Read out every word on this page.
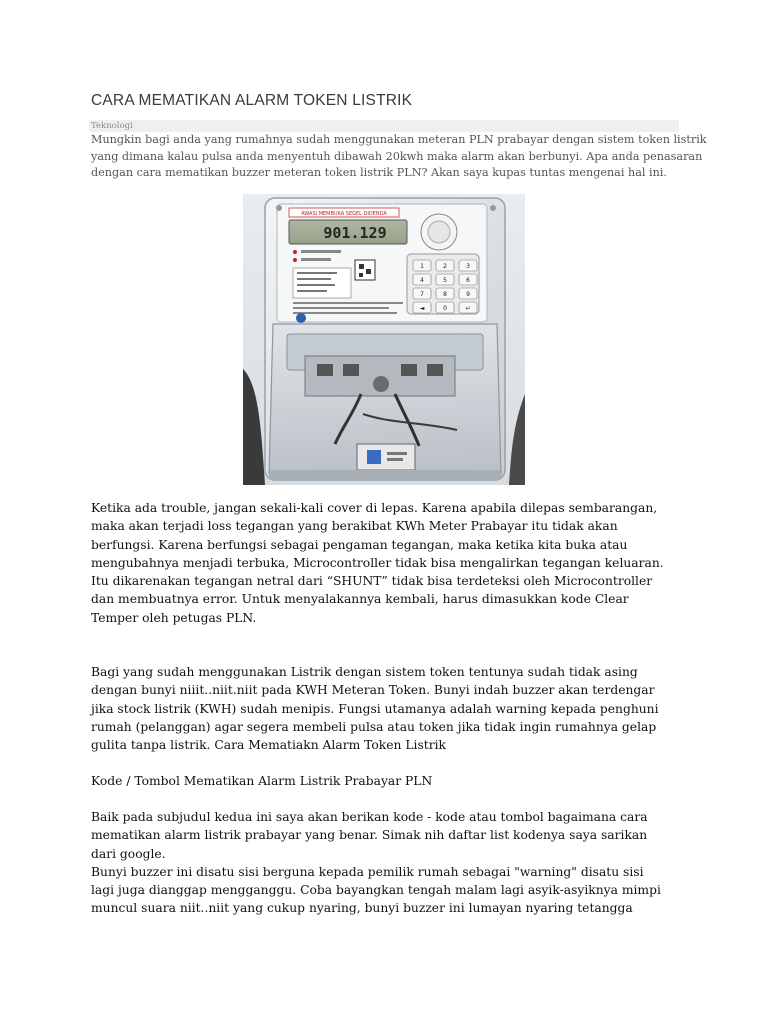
CARA MEMATIKAN ALARM TOKEN LISTRIK
Teknologi

Mungkin bagi anda yang rumahnya sudah menggunakan meteran PLN prabayar dengan sistem token listrik

yang dimana kalau pulsa anda menyentuh dibawah 20kwh maka alarm akan berbunyi. Apa anda penasaran

dengan cara mematikan buzzer meteran token listrik PLN? Akan saya kupas tuntas mengenai hal ini.

AWASI MEMBUKA SEGEL DIDENDA
901.129
1	2	3
4	5	6
7	8	9
◄	0	↵

Ketika ada trouble, jangan sekali-kali cover di lepas. Karena apabila dilepas sembarangan,

maka akan terjadi loss tegangan yang berakibat KWh Meter Prabayar itu tidak akan

berfungsi. Karena berfungsi sebagai pengaman tegangan, maka ketika kita buka atau

mengubahnya menjadi terbuka, Microcontroller tidak bisa mengalirkan tegangan keluaran.

Itu dikarenakan tegangan netral dari “SHUNT” tidak bisa terdeteksi oleh Microcontroller

dan membuatnya error. Untuk menyalakannya kembali, harus dimasukkan kode Clear

Temper oleh petugas PLN.

Bagi yang sudah menggunakan Listrik dengan sistem token tentunya sudah tidak asing

dengan bunyi niiit..niit.niit pada KWH Meteran Token. Bunyi indah buzzer akan terdengar

jika stock listrik (KWH) sudah menipis. Fungsi utamanya adalah warning kepada penghuni

rumah (pelanggan) agar segera membeli pulsa atau token jika tidak ingin rumahnya gelap

gulita tanpa listrik. Cara Mematiakn Alarm Token Listrik

Kode / Tombol Mematikan Alarm Listrik Prabayar PLN

Baik pada subjudul kedua ini saya akan berikan kode - kode atau tombol bagaimana cara

mematikan alarm listrik prabayar yang benar. Simak nih daftar list kodenya saya sarikan

dari google.

Bunyi buzzer ini disatu sisi berguna kepada pemilik rumah sebagai "warning" disatu sisi

lagi juga dianggap mengganggu. Coba bayangkan tengah malam lagi asyik-asyiknya mimpi

muncul suara niit..niit yang cukup nyaring, bunyi buzzer ini lumayan nyaring tetangga
